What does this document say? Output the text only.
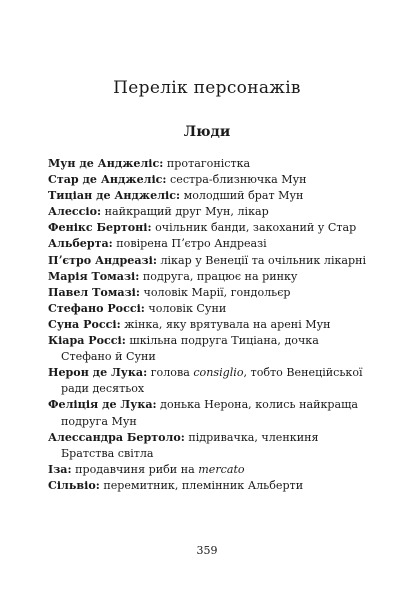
Перелік персонажів
Люди
Мун де Анджеліс: протагоністка
Стар де Анджеліс: сестра-близнючка Мун
Тиціан де Анджеліс: молодший брат Мун
Алессіо: найкращий друг Мун, лікар
Фенікс Бертоні: очільник банди, закоханий у Стар
Альберта: повірена Пʼєтро Андреазі
Пʼєтро Андреазі: лікар у Венеції та очільник лікарні
Марія Томазі: подруга, працює на ринку
Павел Томазі: чоловік Марії, гондольєр
Стефано Россі: чоловік Суни
Суна Россі: жінка, яку врятувала на арені Мун
Кіара Россі: шкільна подруга Тиціана, дочка Стефано й Суни
Нерон де Лука: голова consiglio, тобто Венеційської ради десятьох
Феліція де Лука: донька Нерона, колись найкраща подруга Мун
Алессандра Бертоло: підривачка, членкиня Братства світла
Іза: продавчиня риби на mercato
Сільвіо: перемитник, племінник Альберти
359
